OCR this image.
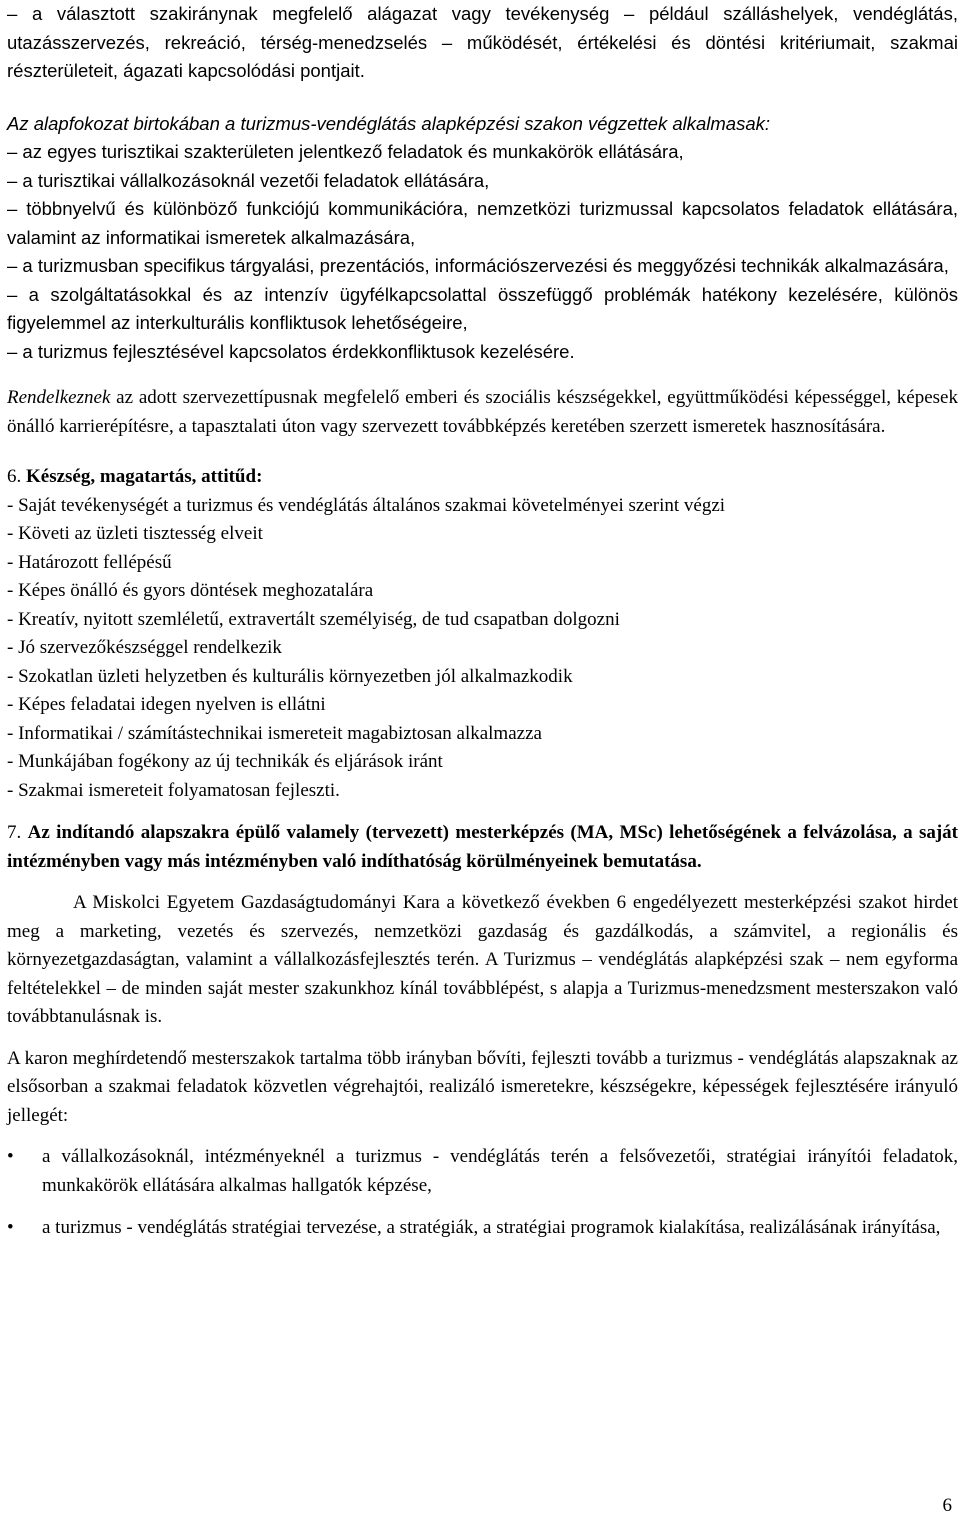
– a választott szakiránynak megfelelő alágazat vagy tevékenység – például szálláshelyek, vendéglátás, utazásszervezés, rekreáció, térség-menedzselés – működését, értékelési és döntési kritériumait, szakmai részterületeit, ágazati kapcsolódási pontjait.

Az alapfokozat birtokában a turizmus-vendéglátás alapképzési szakon végzettek alkalmasak:

– az egyes turisztikai szakterületen jelentkező feladatok és munkakörök ellátására,

– a turisztikai vállalkozásoknál vezetői feladatok ellátására,

– többnyelvű és különböző funkciójú kommunikációra, nemzetközi turizmussal kapcsolatos feladatok ellátására, valamint az informatikai ismeretek alkalmazására,

– a turizmusban specifikus tárgyalási, prezentációs, információszervezési és meggyőzési technikák alkalmazására,

– a szolgáltatásokkal és az intenzív ügyfélkapcsolattal összefüggő problémák hatékony kezelésére, különös figyelemmel az interkulturális konfliktusok lehetőségeire,

– a turizmus fejlesztésével kapcsolatos érdekkonfliktusok kezelésére.

Rendelkeznek az adott szervezettípusnak megfelelő emberi és szociális készségekkel, együttműködési képességgel, képesek önálló karrierépítésre, a tapasztalati úton vagy szervezett továbbképzés keretében szerzett ismeretek hasznosítására.

6. Készség, magatartás, attitűd:

- Saját tevékenységét a turizmus és vendéglátás általános szakmai követelményei szerint végzi

- Követi az üzleti tisztesség elveit

- Határozott fellépésű

- Képes önálló és gyors döntések meghozatalára

- Kreatív, nyitott szemléletű, extravertált személyiség, de tud csapatban dolgozni

- Jó szervezőkészséggel rendelkezik

- Szokatlan üzleti helyzetben és kulturális környezetben jól alkalmazkodik

- Képes feladatai idegen nyelven is ellátni

- Informatikai / számítástechnikai ismereteit magabiztosan alkalmazza

- Munkájában fogékony az új technikák és eljárások iránt

- Szakmai ismereteit folyamatosan fejleszti.

7. Az indítandó alapszakra épülő valamely (tervezett) mesterképzés (MA, MSc) lehetőségének a felvázolása, a saját intézményben vagy más intézményben való indíthatóság körülményeinek bemutatása.

A Miskolci Egyetem Gazdaságtudományi Kara a következő években 6 engedélyezett mesterképzési szakot hirdet meg a marketing, vezetés és szervezés, nemzetközi gazdaság és gazdálkodás, a számvitel, a regionális és környezetgazdaságtan, valamint a vállalkozásfejlesztés terén. A Turizmus – vendéglátás alapképzési szak – nem egyforma feltételekkel – de minden saját mester szakunkhoz kínál továbblépést, s alapja a Turizmus-menedzsment mesterszakon való továbbtanulásnak is.

A karon meghírdetendő mesterszakok tartalma több irányban bővíti, fejleszti tovább a turizmus - vendéglátás alapszaknak az elsősorban a szakmai feladatok közvetlen végrehajtói, realizáló ismeretekre, készségekre, képességek fejlesztésére irányuló jellegét:

• a vállalkozásoknál, intézményeknél a turizmus - vendéglátás terén a felsővezetői, stratégiai irányítói feladatok, munkakörök ellátására alkalmas hallgatók képzése,
• a turizmus - vendéglátás stratégiai tervezése, a stratégiák, a stratégiai programok kialakítása, realizálásának irányítása,
6
